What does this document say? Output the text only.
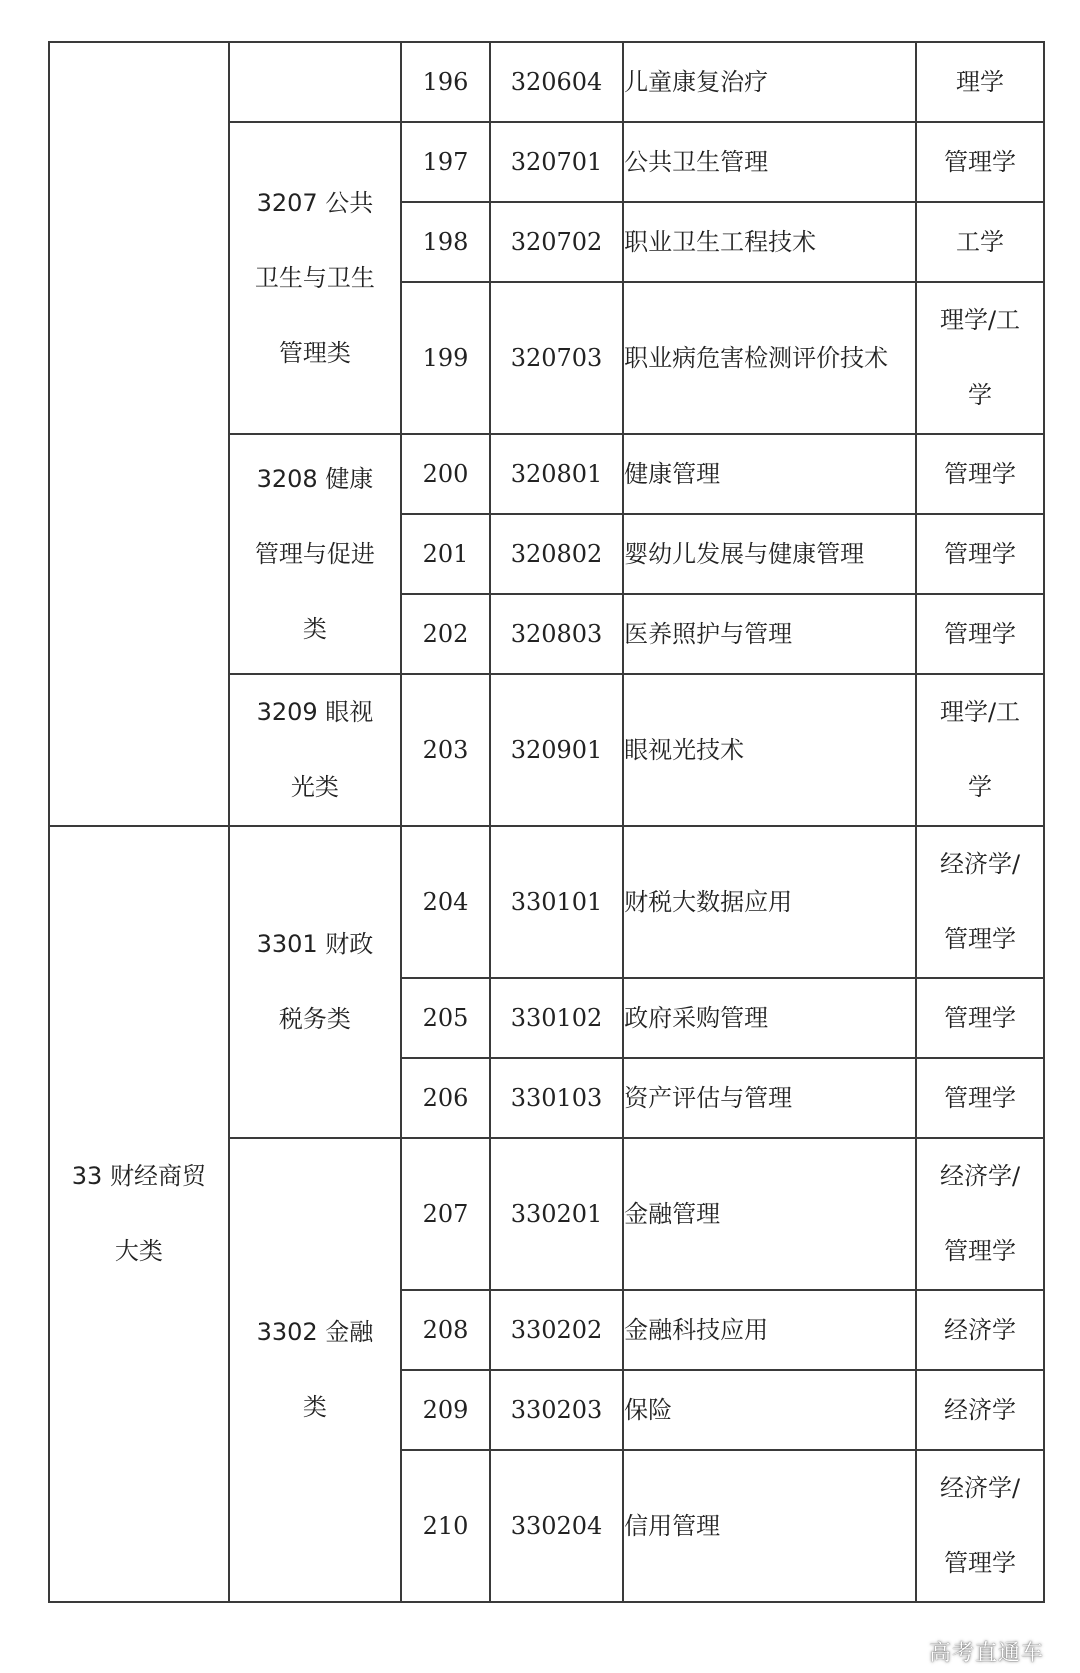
		196	320604	儿童康复治疗	理学
	3207 公共卫生与卫生管理类	197	320701	公共卫生管理	管理学
		198	320702	职业卫生工程技术	工学
		199	320703	职业病危害检测评价技术	理学/工学
	3208 健康管理与促进类	200	320801	健康管理	管理学
		201	320802	婴幼儿发展与健康管理	管理学
		202	320803	医养照护与管理	管理学
	3209 眼视光类	203	320901	眼视光技术	理学/工学
33 财经商贸大类	3301 财政税务类	204	330101	财税大数据应用	经济学/管理学
		205	330102	政府采购管理	管理学
		206	330103	资产评估与管理	管理学
	3302 金融类	207	330201	金融管理	经济学/管理学
		208	330202	金融科技应用	经济学
		209	330203	保险	经济学
		210	330204	信用管理	经济学/管理学
高考直通车
